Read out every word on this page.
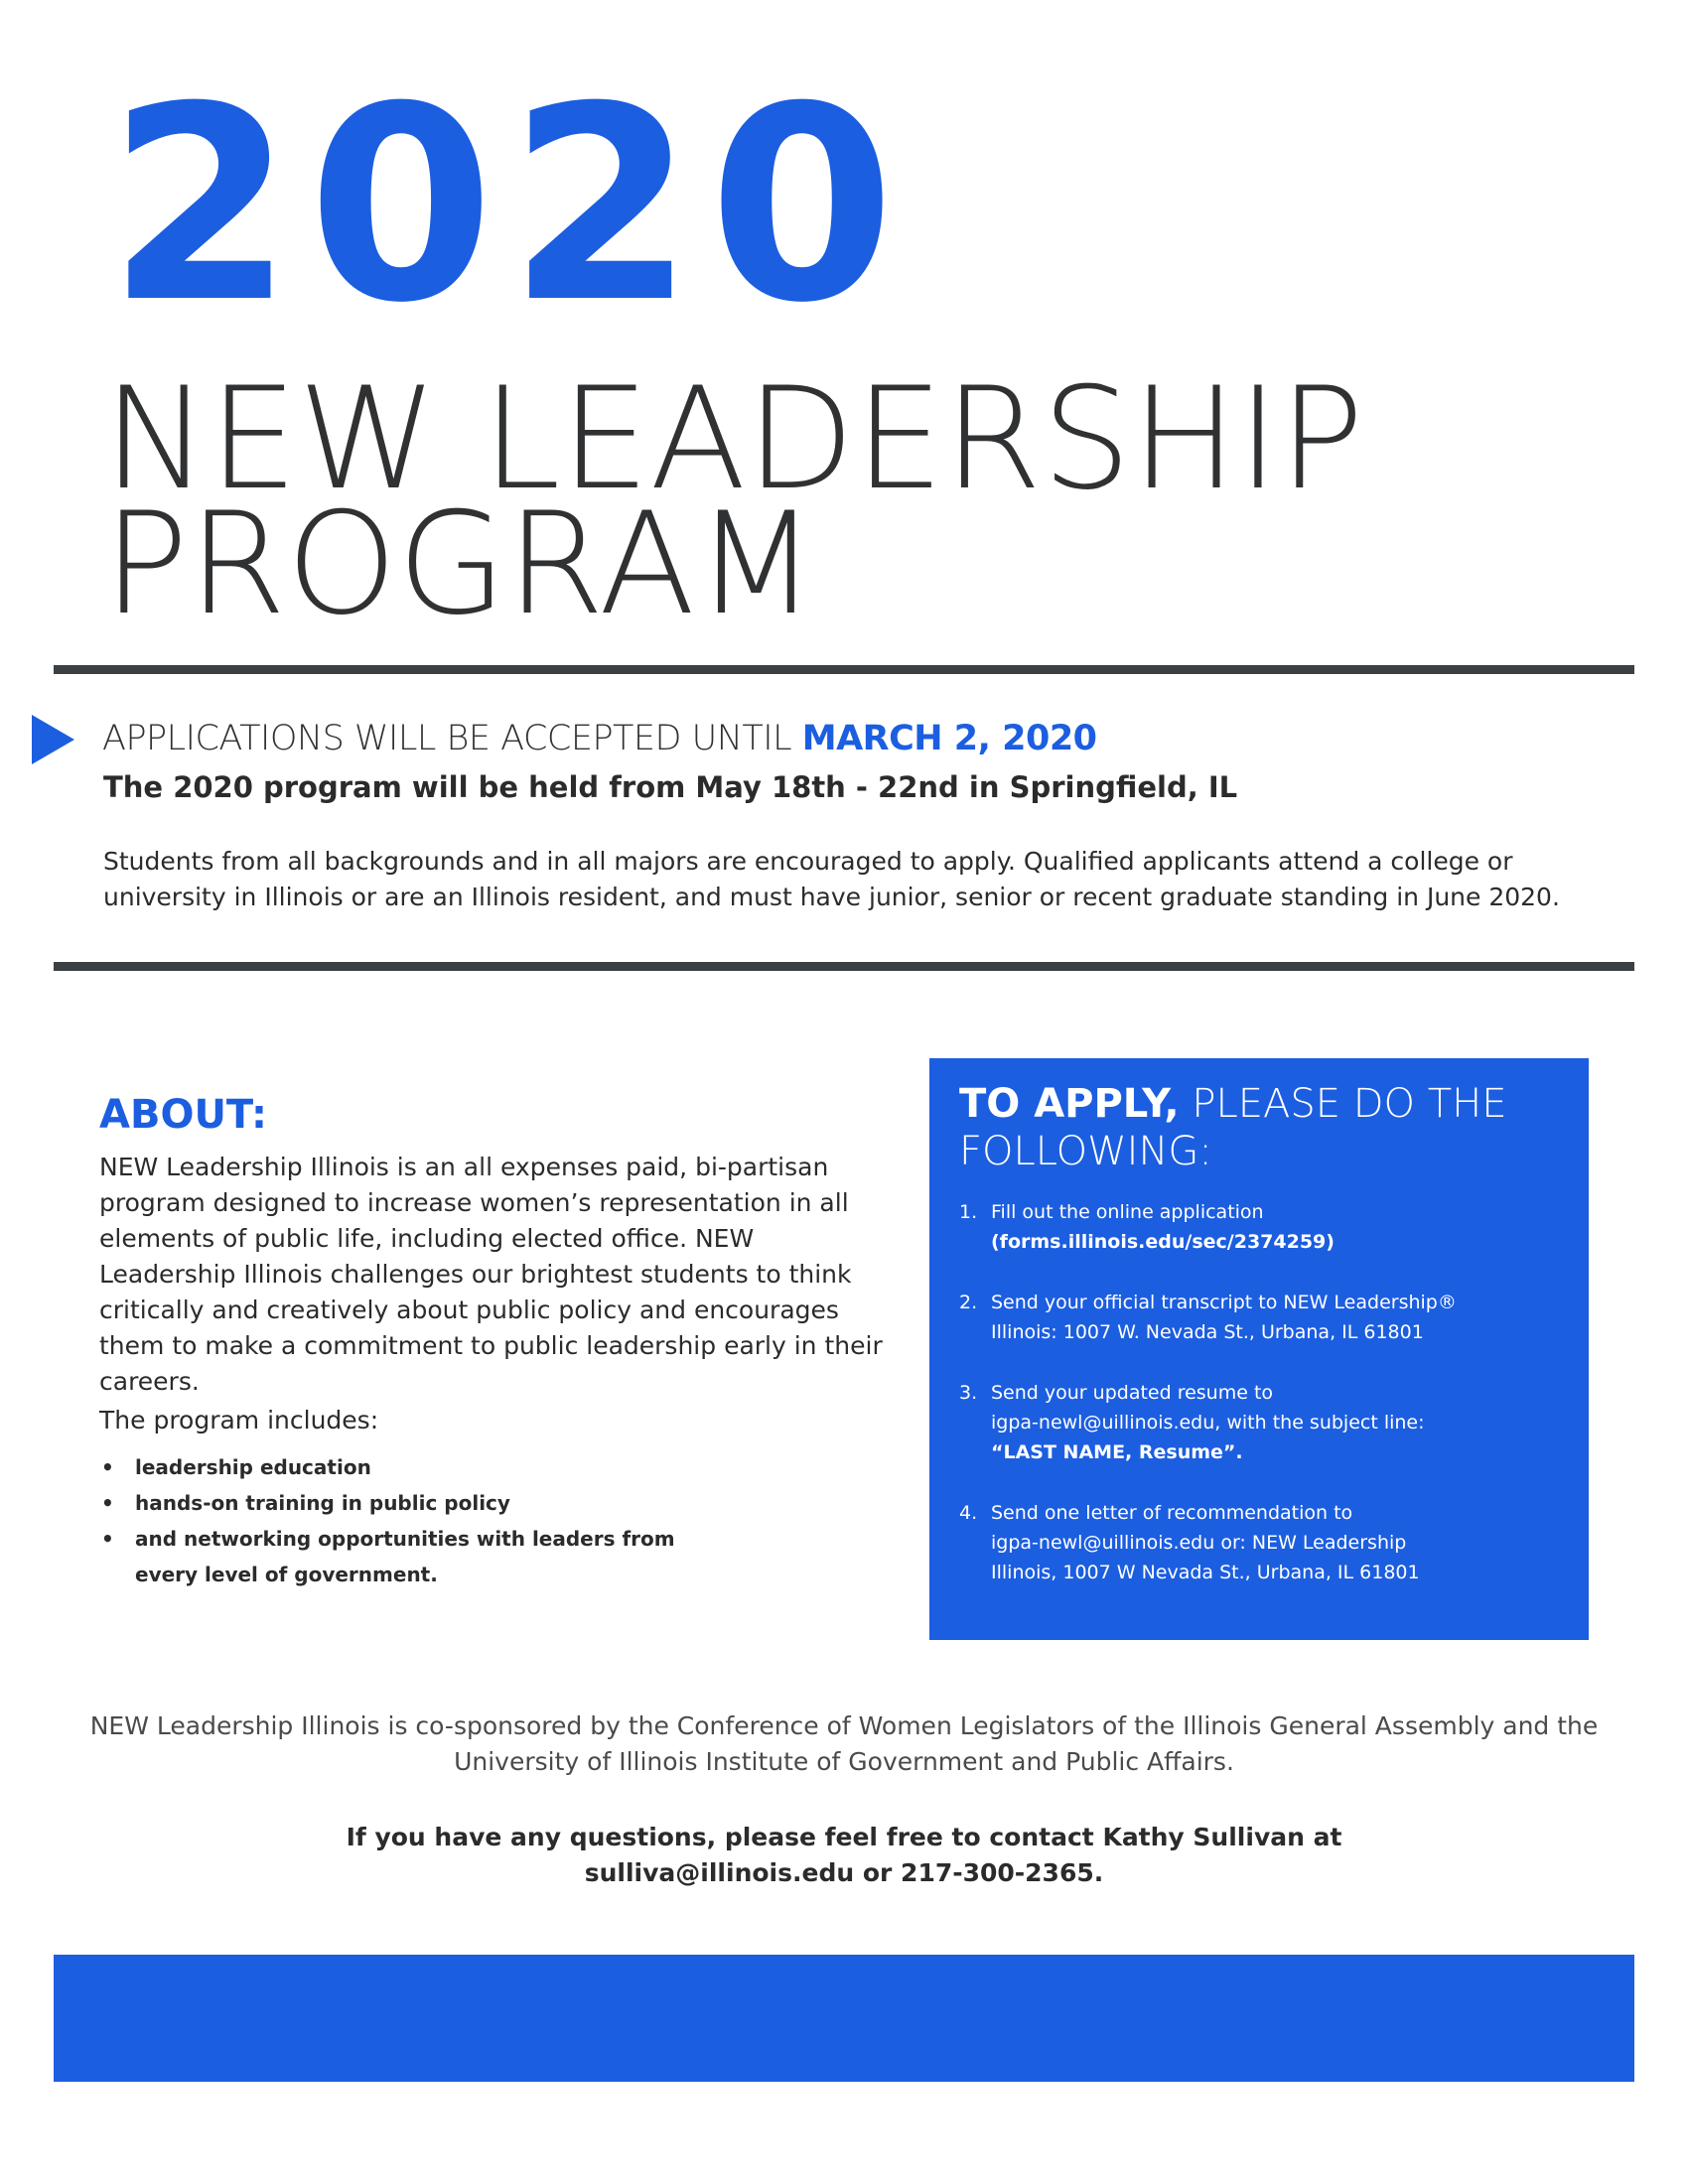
2020
NEW LEADERSHIP
PROGRAM

APPLICATIONS WILL BE ACCEPTED UNTIL MARCH 2, 2020

The 2020 program will be held from May 18th - 22nd in Springfield, IL

Students from all backgrounds and in all majors are encouraged to apply. Qualified applicants attend a college or university in Illinois or are an Illinois resident, and must have junior, senior or recent graduate standing in June 2020.

ABOUT:

NEW Leadership Illinois is an all expenses paid, bi-partisan program designed to increase women’s representation in all elements of public life, including elected office. NEW Leadership Illinois challenges our brightest students to think critically and creatively about public policy and encourages them to make a commitment to public leadership early in their careers.

The program includes:

• leadership education
• hands-on training in public policy
• and networking opportunities with leaders from every level of government.
TO APPLY, PLEASE DO THE FOLLOWING:
1. Fill out the online application
(forms.illinois.edu/sec/2374259)
2. Send your official transcript to NEW Leadership®
Illinois: 1007 W. Nevada St., Urbana, IL 61801
3. Send your updated resume to
igpa-newl@uillinois.edu, with the subject line:
“LAST NAME, Resume”.
4. Send one letter of recommendation to
igpa-newl@uillinois.edu or: NEW Leadership
Illinois, 1007 W Nevada St., Urbana, IL 61801

NEW Leadership Illinois is co-sponsored by the Conference of Women Legislators of the Illinois General Assembly and the University of Illinois Institute of Government and Public Affairs.

If you have any questions, please feel free to contact Kathy Sullivan at
sulliva@illinois.edu or 217-300-2365.
